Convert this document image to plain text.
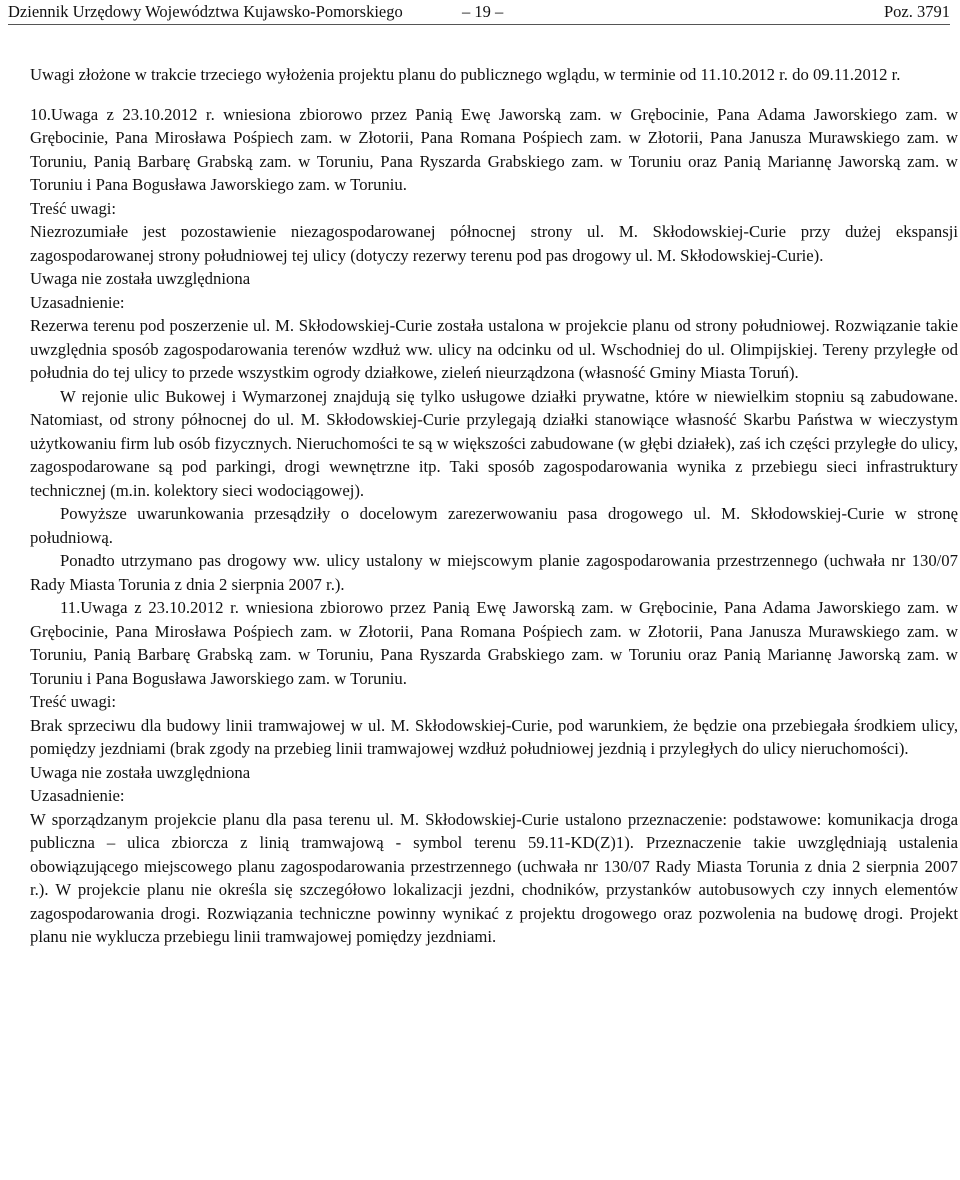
Dziennik Urzędowy Województwa Kujawsko-Pomorskiego	– 19 –	Poz. 3791

Uwagi złożone w trakcie trzeciego wyłożenia projektu planu do publicznego wglądu, w terminie od 11.10.2012 r. do 09.11.2012 r.

10.Uwaga z 23.10.2012 r. wniesiona zbiorowo przez Panią Ewę Jaworską zam. w Grębocinie, Pana Adama Jaworskiego zam. w Grębocinie, Pana Mirosława Pośpiech zam. w Złotorii, Pana Romana Pośpiech zam. w Złotorii, Pana Janusza Murawskiego zam. w Toruniu, Panią Barbarę Grabską zam. w Toruniu, Pana Ryszarda Grabskiego zam. w Toruniu oraz Panią Mariannę Jaworską zam. w Toruniu i Pana Bogusława Jaworskiego zam. w Toruniu.

Treść uwagi:

Niezrozumiałe jest pozostawienie niezagospodarowanej północnej strony ul. M. Skłodowskiej-Curie przy dużej ekspansji zagospodarowanej strony południowej tej ulicy (dotyczy rezerwy terenu pod pas drogowy ul. M. Skłodowskiej-Curie).

Uwaga nie została uwzględniona

Uzasadnienie:

Rezerwa terenu pod poszerzenie ul. M. Skłodowskiej-Curie została ustalona w projekcie planu od strony południowej. Rozwiązanie takie uwzględnia sposób zagospodarowania terenów wzdłuż ww. ulicy na odcinku od ul. Wschodniej do ul. Olimpijskiej. Tereny przyległe od południa do tej ulicy to przede wszystkim ogrody działkowe, zieleń nieurządzona (własność Gminy Miasta Toruń).

W rejonie ulic Bukowej i Wymarzonej znajdują się tylko usługowe działki prywatne, które w niewielkim stopniu są zabudowane. Natomiast, od strony północnej do ul. M. Skłodowskiej-Curie przylegają działki stanowiące własność Skarbu Państwa w wieczystym użytkowaniu firm lub osób fizycznych. Nieruchomości te są w większości zabudowane (w głębi działek), zaś ich części przyległe do ulicy, zagospodarowane są pod parkingi, drogi wewnętrzne itp. Taki sposób zagospodarowania wynika z przebiegu sieci infrastruktury technicznej (m.in. kolektory sieci wodociągowej).

Powyższe uwarunkowania przesądziły o docelowym zarezerwowaniu pasa drogowego ul. M. Skłodowskiej-Curie w stronę południową.

Ponadto utrzymano pas drogowy ww. ulicy ustalony w miejscowym planie zagospodarowania przestrzennego (uchwała nr 130/07 Rady Miasta Torunia z dnia 2 sierpnia 2007 r.).

11.Uwaga z 23.10.2012 r. wniesiona zbiorowo przez Panią Ewę Jaworską zam. w Grębocinie, Pana Adama Jaworskiego zam. w Grębocinie, Pana Mirosława Pośpiech zam. w Złotorii, Pana Romana Pośpiech zam. w Złotorii, Pana Janusza Murawskiego zam. w Toruniu, Panią Barbarę Grabską zam. w Toruniu, Pana Ryszarda Grabskiego zam. w Toruniu oraz Panią Mariannę Jaworską zam. w Toruniu i Pana Bogusława Jaworskiego zam. w Toruniu.

Treść uwagi:

Brak sprzeciwu dla budowy linii tramwajowej w ul. M. Skłodowskiej-Curie, pod warunkiem, że będzie ona przebiegała środkiem ulicy, pomiędzy jezdniami (brak zgody na przebieg linii tramwajowej wzdłuż południowej jezdnią i przyległych do ulicy nieruchomości).

Uwaga nie została uwzględniona

Uzasadnienie:

W sporządzanym projekcie planu dla pasa terenu ul. M. Skłodowskiej-Curie ustalono przeznaczenie: podstawowe: komunikacja droga publiczna – ulica zbiorcza z linią tramwajową - symbol terenu 59.11-KD(Z)1). Przeznaczenie takie uwzględniają ustalenia obowiązującego miejscowego planu zagospodarowania przestrzennego (uchwała nr 130/07 Rady Miasta Torunia z dnia 2 sierpnia 2007 r.). W projekcie planu nie określa się szczegółowo lokalizacji jezdni, chodników, przystanków autobusowych czy innych elementów zagospodarowania drogi. Rozwiązania techniczne powinny wynikać z projektu drogowego oraz pozwolenia na budowę drogi. Projekt planu nie wyklucza przebiegu linii tramwajowej pomiędzy jezdniami.
